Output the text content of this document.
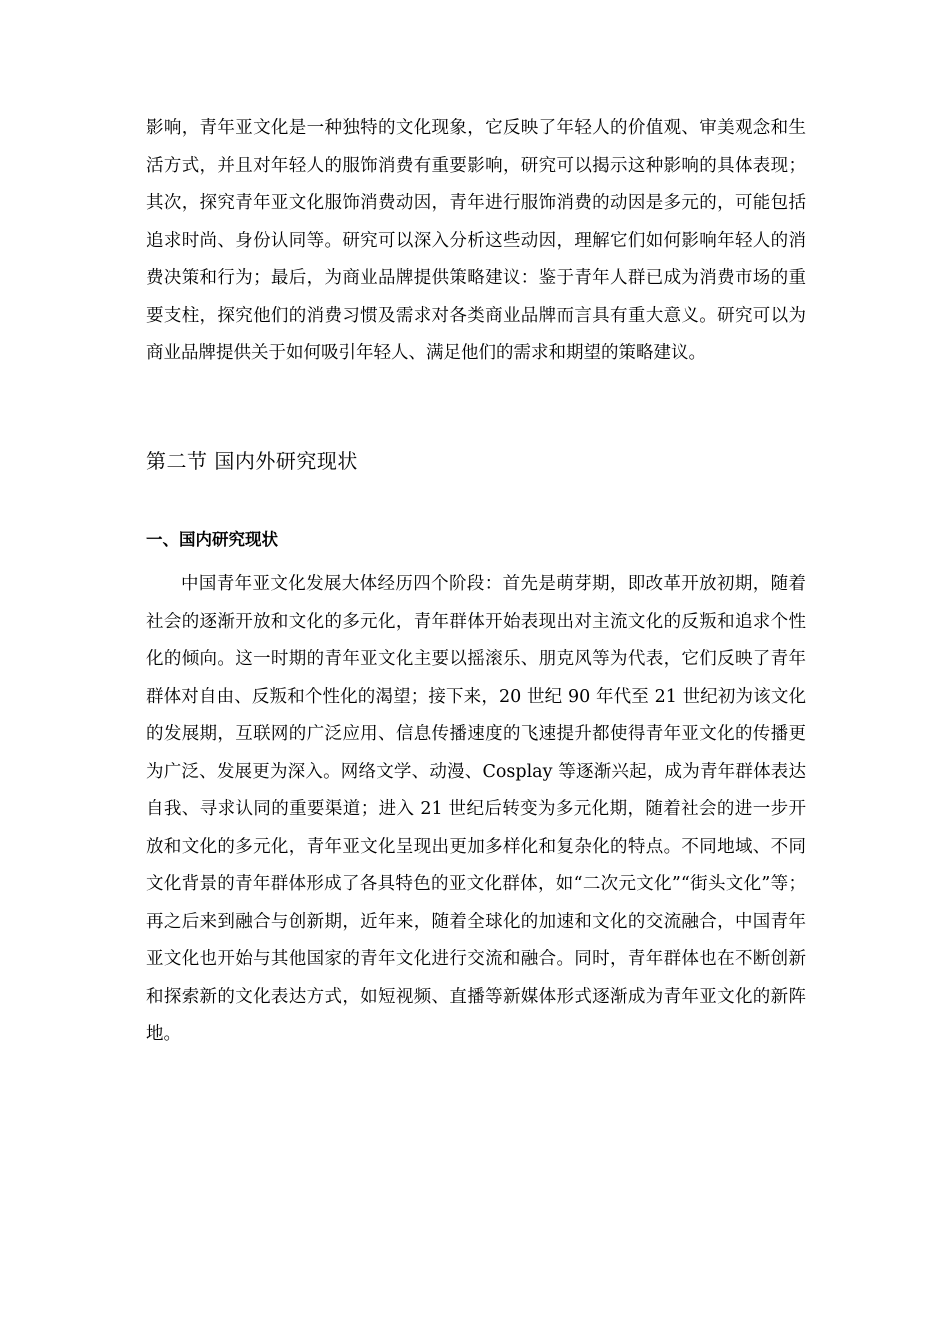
影响，青年亚文化是一种独特的文化现象，它反映了年轻人的价值观、审美观念和生活方式，并且对年轻人的服饰消费有重要影响，研究可以揭示这种影响的具体表现；其次，探究青年亚文化服饰消费动因，青年进行服饰消费的动因是多元的，可能包括追求时尚、身份认同等。研究可以深入分析这些动因，理解它们如何影响年轻人的消费决策和行为；最后，为商业品牌提供策略建议：鉴于青年人群已成为消费市场的重要支柱，探究他们的消费习惯及需求对各类商业品牌而言具有重大意义。研究可以为商业品牌提供关于如何吸引年轻人、满足他们的需求和期望的策略建议。

第二节 国内外研究现状
一、国内研究现状

中国青年亚文化发展大体经历四个阶段：首先是萌芽期，即改革开放初期，随着社会的逐渐开放和文化的多元化，青年群体开始表现出对主流文化的反叛和追求个性化的倾向。这一时期的青年亚文化主要以摇滚乐、朋克风等为代表，它们反映了青年群体对自由、反叛和个性化的渴望；接下来，20 世纪 90 年代至 21 世纪初为该文化的发展期，互联网的广泛应用、信息传播速度的飞速提升都使得青年亚文化的传播更为广泛、发展更为深入。网络文学、动漫、Cosplay 等逐渐兴起，成为青年群体表达自我、寻求认同的重要渠道；进入 21 世纪后转变为多元化期，随着社会的进一步开放和文化的多元化，青年亚文化呈现出更加多样化和复杂化的特点。不同地域、不同文化背景的青年群体形成了各具特色的亚文化群体，如“二次元文化”“街头文化”等；再之后来到融合与创新期，近年来，随着全球化的加速和文化的交流融合，中国青年亚文化也开始与其他国家的青年文化进行交流和融合。同时，青年群体也在不断创新和探索新的文化表达方式，如短视频、直播等新媒体形式逐渐成为青年亚文化的新阵地。
